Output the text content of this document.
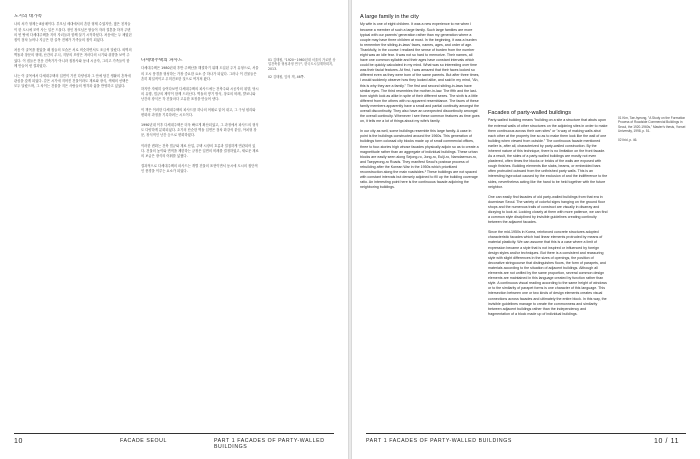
도시의 대가족

나의 처가 형제는 8남매이다. 부모님 세대에서의 흔한 형제 수였지만, 많은 친척들이 한 도시에 모여 사는 일은 드물다. 장인 장모님은 딸들이 자라 결혼을 하자 주변의 빈 땅에 다세대주택을 지어 자녀들과 함께 살기 시작하셨다. 처음에는 두 채였던 집이 점차 늘어나 지금은 한 골목 전체가 가족들의 집이 되었다.

처음 이 골목을 찾았을 때 집들의 모습은 서로 비슷하면서도 조금씩 달랐다. 외벽의 벽돌과 창문의 형태, 난간의 무늬, 지붕의 모양은 저마다의 시기와 취향을 보여 주었다. 이 집들은 전문 건축가가 아니라 집장사와 동네 시공자, 그리고 가족들이 함께 만들어 낸 결과였다.

나는 이 골목에서 다세대주택의 입면이 가진 다양성과 그 안에 담긴 생활의 흔적에 관심을 갖게 되었다. 같은 시기에 지어진 건물이라도 재료와 장식, 색채의 선택은 모두 달랐으며, 그 차이는 건물을 지은 사람들의 생각과 삶을 반영하고 있었다.

다세대주택의 파사드

다세대주택은 1980년대 후반 주택난을 해결하기 위해 도입된 주거 유형으로, 서울의 도시 풍경을 형성하는 가장 중요한 요소 중 하나가 되었다. 그러나 이 건물들은 흔히 획일적이고 무미건조한 것으로 여겨져 왔다.

하지만 자세히 들여다보면 다세대주택의 파사드에는 건축주와 시공자의 취향, 당시의 유행, 법규의 제약이 함께 드러난다. 벽돌의 쌓기 방식, 창호의 비례, 발코니와 난간의 장식은 각 건물마다 고유한 표정을 만들어 낸다.

이 책은 이러한 다세대주택의 파사드를 하나의 어휘로 읽어 내고, 그 구성 원리와 변화의 과정을 기록하려는 시도이다.

1990년대 이후 다세대주택은 더욱 빠르게 확산되었고, 그 과정에서 파사드의 형식도 다양하게 분화되었다. 초기의 단순한 벽돌 입면은 점차 화강석 붙임, 아치형 창문, 장식적인 난간 등으로 변화하였다.

이러한 변화는 건축 법규와 재료 산업, 주택 시장의 흐름과 밀접하게 연관되어 있다. 건물의 높이와 면적을 제한하는 규정은 입면의 비례를 결정하였고, 새로운 재료의 보급은 장식의 어휘를 넓혔다.

결과적으로 다세대주택의 파사드는 개별 건물의 표현이면서 동시에 도시의 집단적인 풍경을 이루는 요소가 되었다.

01 김태원, "1920~1960년대 서울의 가로변 상업건축물 형성과정 연구", 한국도시설계학회지, 2013.

02 김태원, 앞의 책, 46쪽.

10	FACADE SEOUL	PART 1 FACADES OF PARTY-WALLED BUILDINGS
A large family in the city

My wife is one of eight children. It was a new experience to me when I became a member of such a large family. Such large families are more typical with our parents' generation rather than my generation where a couple may have three children at most. In the beginning, it was a burden to remember the sibling-in-laws' faces, names, ages, and order of age. Thankfully, in the course I realized the sense of burden from the number eight was an idle fear. It was not so hard to memorize. Their names, all have one common syllable and their ages have constant intervals which could be quickly calculated in my mind. What was so interesting over time was their facial features. At first, I was amazed that their faces looked so different even as they were born of the same parents. But after three times, I would suddenly observe how they looked alike, and said in my mind, "Ah, this is why they are a family." The first and second sibling-in-laws have similar eyes. The third resembles the mother-in-law. The fifth and the last-born sighth look as alike in spite of their different sexes. The sixth is a little different from the others with no apparent resemblance. The faces of these family members apparently have a small and partial continuity amongst the overall discontinuity. They also have an unexpected discontinuity amongst the overall continuity. Whenever I see these common features as time goes on, it tells me a lot of things about my wife's family.

In our city as well, some buildings resemble this large family. A case in point is the buildings constructed around the 1960s. This generation of buildings form colossal city blocks made up of small commercial offices, three to four-stories high whose facades physically adjoin so as to create a magnetitude rather than an aggregate of individual buildings. These urban blocks are easily seen along Sejong-ro, Jong-ro, Eulji-ro, Namdaemun-ro, and Taepyeong-ro Roads. They manifest Seoul's postwar process of rebuilding after the Korean War in the 1950s which prioritized reconstruction along the main roadsides.¹ These buildings are not spaced with constant intervals but densely adjoined to fill up the building coverage ratio. An interesting point here is the continuous facade adjoining the neighboring buildings.

Facades of party-walled buildings

Party-walled building means "building on a site a structure that abuts upon the external walls of other structures on the adjoining sites in order to make them continuous across their own sites" or "a way of making walls abut each other at the property line so as to make them look like the wall of one building when viewed from outside." The continuous facade mentioned earlier is, after all, characterized by party-walled construction. By the inherent nature of this technique, there is no limitation on the front facade. As a result, the sides of a party-walled buildings are mostly not even plastered, often times the blocks or bricks of the walls are exposed with rough finishes. Building elements like slabs, beams, or embedded bars often protruded outward from the unfinished party walls. This is an interesting byproduct caused by the exclusion of and the indifference to the sides, nevertheless acting like the hand to be held together with the future neighbor.

One can easily find facades of old party-walled buildings from that era in downtown Seoul. The variety of colorful signs hanging on the ground floor shops and the numerous trails of construct are visually in disarray and dizzying to look at. Looking closely at them with more patience, we can find a common style disciplined by invisible guidelines creating continuity between the adjacent facades.

Since the mid-1950s in Korea, reinforced concrete structures adopted characteristic facades which had linear elements protruded by means of material plasticity. We can assume that this is a case where a limit of expression became a style that is not inspired or influenced by foreign design styles and/or techniques. But there is a consistent and reassuring style with slight differences in the sizes of openings, the position of decorative stringcourse that distinguishes floors, the form of parapets, and materials according to the situation of adjacent buildings. Although all elements are not unified by the same proportion, several common design elements are maintained in this language created by function rather than style. A continuous visual reading according to the same height of windows or to the similarity of parapet forms is one character of this language. This intersection between one or two kinds of design elements creates visual connections across facades and ultimately the entire block. In this way, the invisible guidelines manage to create the commonness and similarity between adjacent buildings rather than the independency and fragmentation of a block made up of individual buildings.

01 Kim, Tae-hyeong, "A Study on the Formation Process of Roadside Commercial Buildings in Seoul, the 1920-1960s," Master's thesis, Yonsei University, 1998, p. 51.

02 Ibid, p. 46.

PART 1 FACADES OF PARTY-WALLED BUILDINGS	10 / 11
